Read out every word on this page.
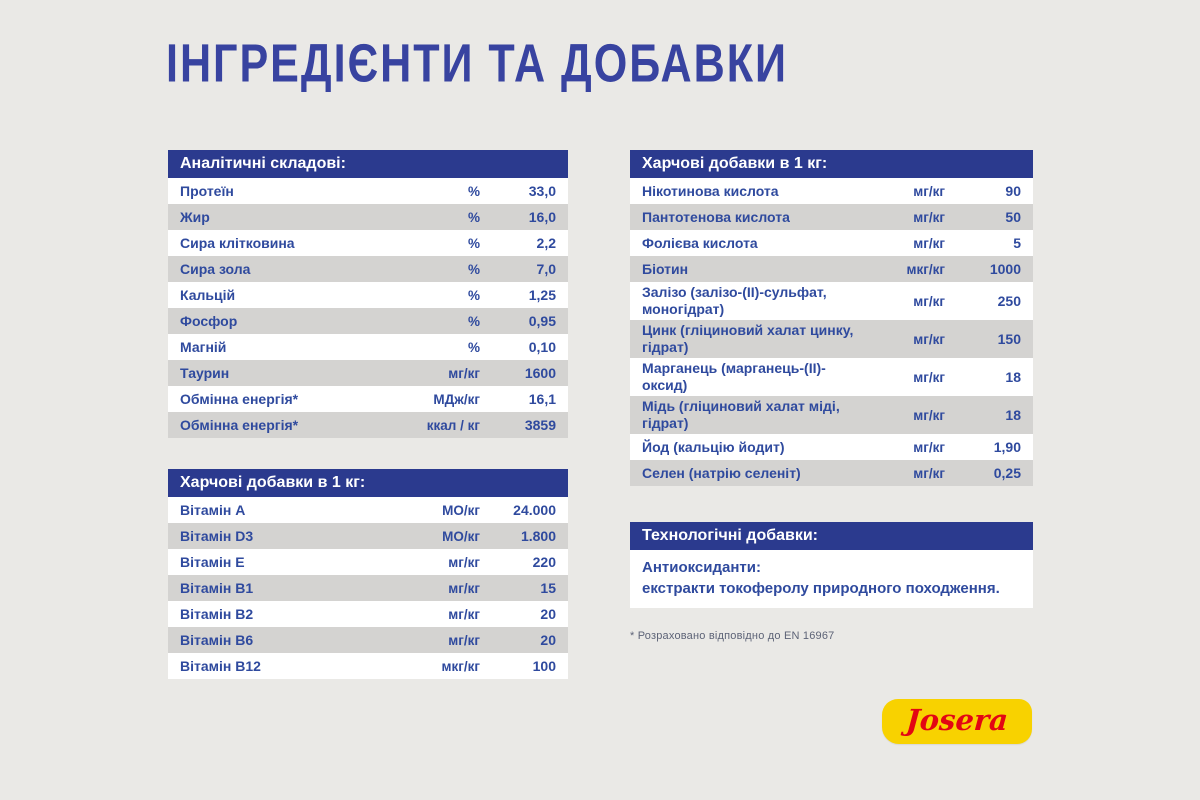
ІНГРЕДІЄНТИ ТА ДОБАВКИ
Аналітичні складові:
Протеїн	%	33,0
Жир	%	16,0
Сира клітковина	%	2,2
Сира зола	%	7,0
Кальцій	%	1,25
Фосфор	%	0,95
Магній	%	0,10
Таурин	мг/кг	1600
Обмінна енергія*	МДж/кг	16,1
Обмінна енергія*	ккал / кг	3859
Харчові добавки в 1 кг:
Вітамін A	МО/кг	24.000
Вітамін D3	МО/кг	1.800
Вітамін E	мг/кг	220
Вітамін B1	мг/кг	15
Вітамін B2	мг/кг	20
Вітамін B6	мг/кг	20
Вітамін B12	мкг/кг	100
Харчові добавки в 1 кг:
Нікотинова кислота	мг/кг	90
Пантотенова кислота	мг/кг	50
Фолієва кислота	мг/кг	5
Біотин	мкг/кг	1000
Залізо (залізо-(II)-сульфат, моногідрат)	мг/кг	250
Цинк (гліциновий халат цинку, гідрат)	мг/кг	150
Марганець (марганець-(II)-оксид)	мг/кг	18
Мідь (гліциновий халат міді, гідрат)	мг/кг	18
Йод (кальцію йодит)	мг/кг	1,90
Селен (натрію селеніт)	мг/кг	0,25
Технологічні добавки:
Антиоксиданти:
екстракти токоферолу природного походження.
* Розраховано відповідно до EN 16967
Josera
